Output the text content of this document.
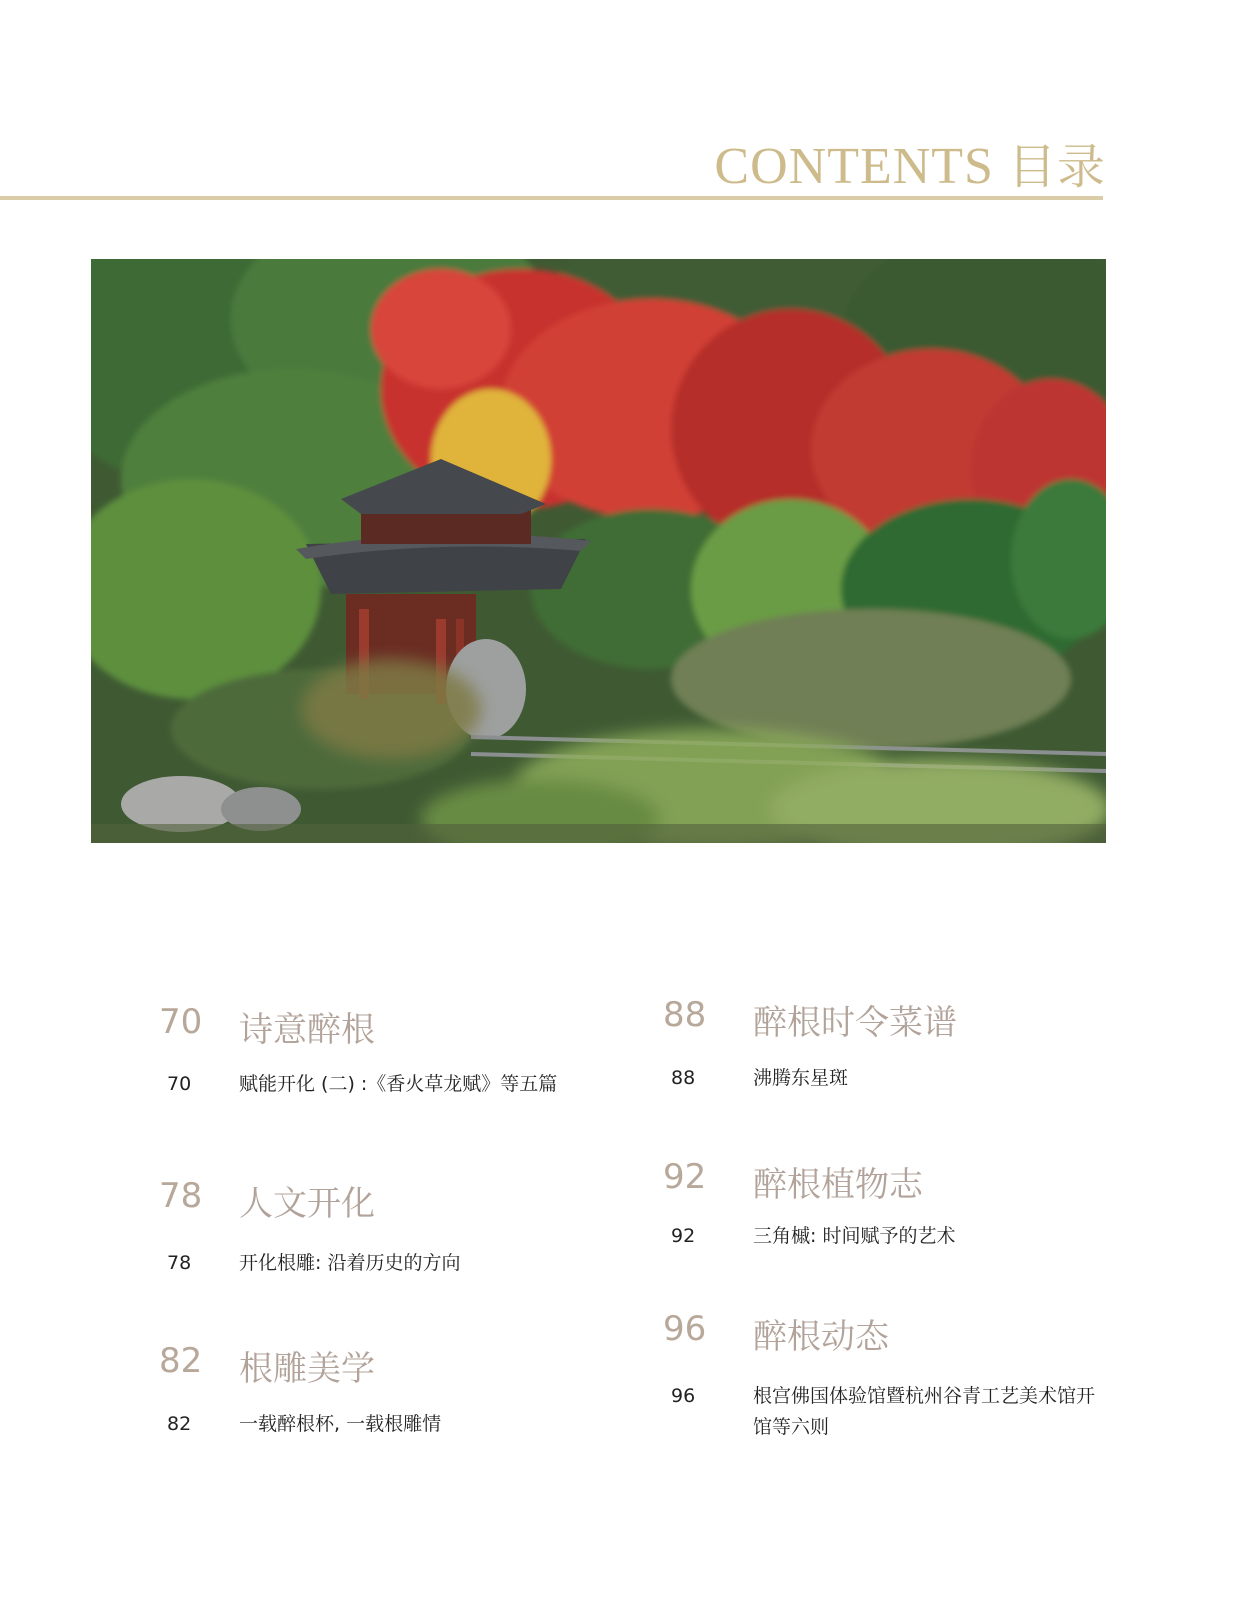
CONTENTS 目录
70 诗意醉根
70	赋能开化 (二) :《香火草龙赋》等五篇
78 人文开化
78	开化根雕: 沿着历史的方向
82 根雕美学
82	一载醉根杯, 一载根雕情
88 醉根时令菜谱
88	沸腾东星斑
92 醉根植物志
92	三角槭: 时间赋予的艺术
96 醉根动态
96	根宫佛国体验馆暨杭州谷青工艺美术馆开馆等六则
